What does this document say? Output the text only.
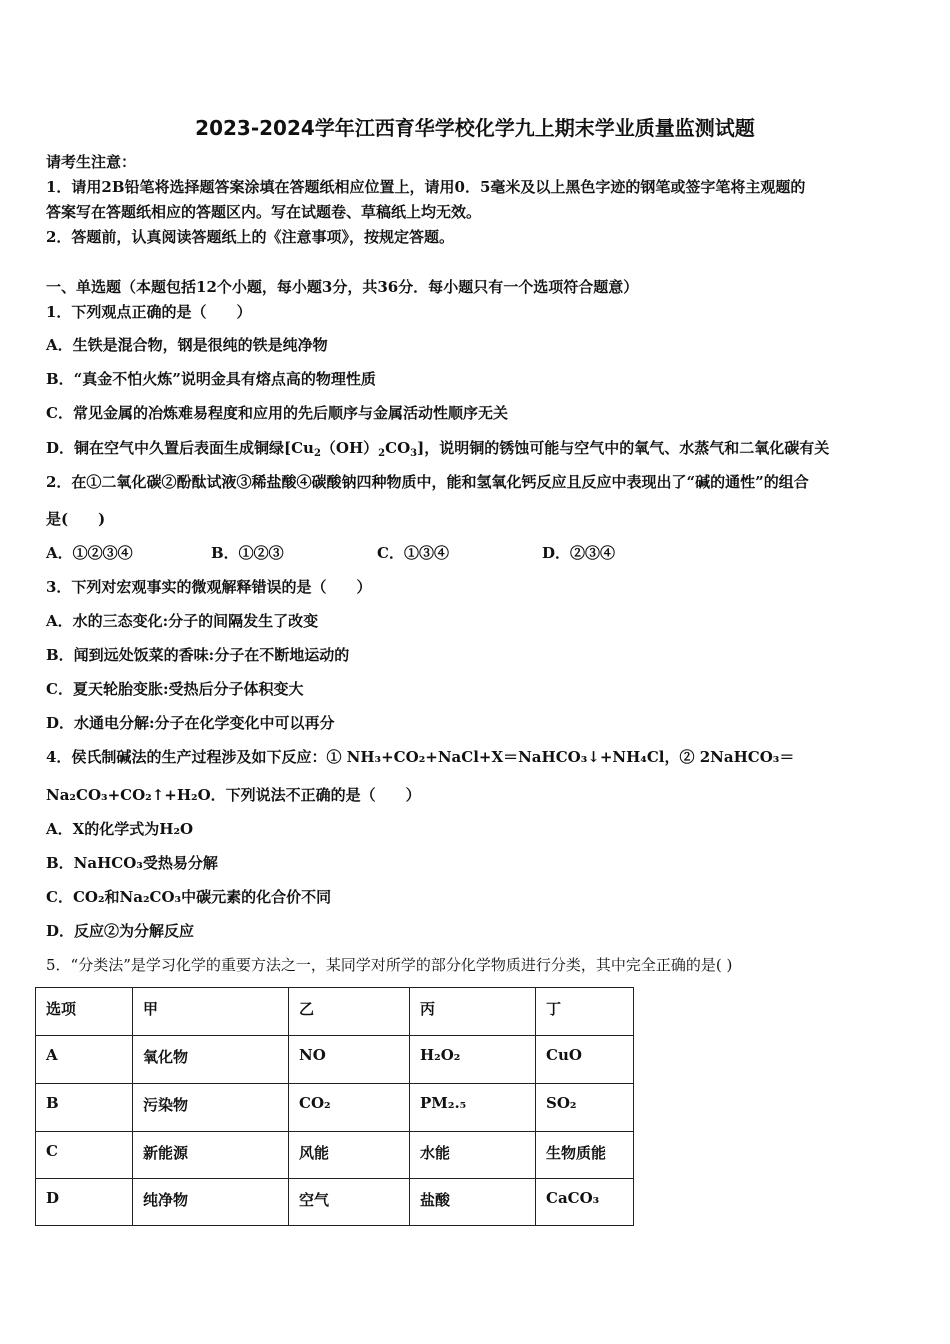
2023-2024学年江西育华学校化学九上期末学业质量监测试题
请考生注意：
1．请用2B铅笔将选择题答案涂填在答题纸相应位置上，请用0．5毫米及以上黑色字迹的钢笔或签字笔将主观题的
答案写在答题纸相应的答题区内。写在试题卷、草稿纸上均无效。
2．答题前，认真阅读答题纸上的《注意事项》，按规定答题。
一、单选题（本题包括12个小题，每小题3分，共36分．每小题只有一个选项符合题意）
1．下列观点正确的是（　　）
A．生铁是混合物，钢是很纯的铁是纯净物
B．“真金不怕火炼”说明金具有熔点高的物理性质
C．常见金属的冶炼难易程度和应用的先后顺序与金属活动性顺序无关
D．铜在空气中久置后表面生成铜绿$[Cu_2(OH)_2CO_3]$，说明铜的锈蚀可能与空气中的氧气、水蒸气和二氧化碳有关
2．在①二氧化碳②酚酞试液③稀盐酸④碳酸钠四种物质中，能和氢氧化钙反应且反应中表现出了“碱的通性”的组合
是(　　)
A．①②③④	B．①②③	C．①③④	D．②③④
3．下列对宏观事实的微观解释错误的是（　　）
A．水的三态变化:分子的间隔发生了改变
B．闻到远处饭菜的香味:分子在不断地运动的
C．夏天轮胎变胀:受热后分子体积变大
D．水通电分解:分子在化学变化中可以再分
4．侯氏制碱法的生产过程涉及如下反应：① NH₃+CO₂+NaCl+X＝NaHCO₃↓+NH₄Cl，② 2NaHCO₃＝
Na₂CO₃+CO₂↑+H₂O．下列说法不正确的是（　　）
A．X的化学式为H₂O
B．NaHCO₃受热易分解
C．CO₂和Na₂CO₃中碳元素的化合价不同
D．反应②为分解反应
5．“分类法”是学习化学的重要方法之一，某同学对所学的部分化学物质进行分类，其中完全正确的是( )
选项	甲	乙	丙	丁
A	氧化物	NO	H₂O₂	CuO
B	污染物	CO₂	PM₂.₅	SO₂
C	新能源	风能	水能	生物质能
D	纯净物	空气	盐酸	CaCO₃
